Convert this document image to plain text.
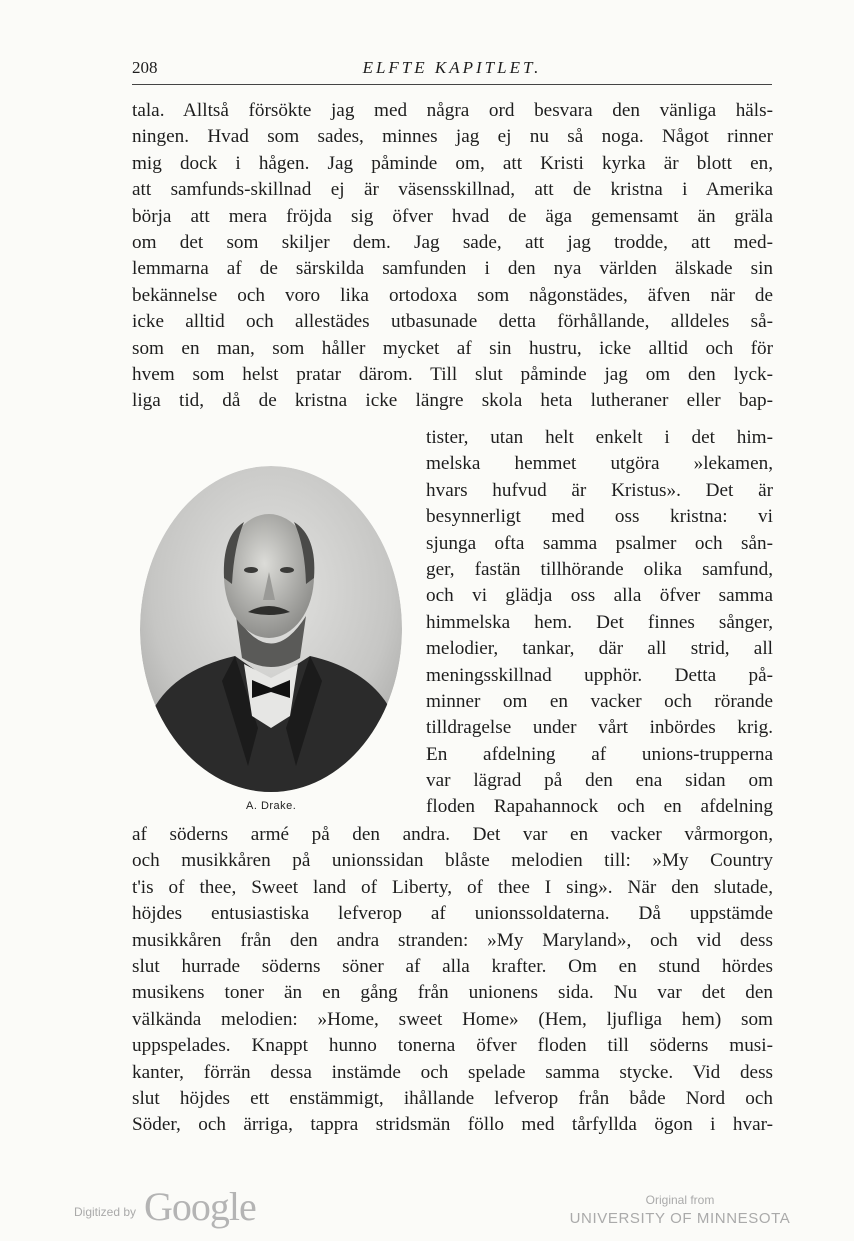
208	ELFTE KAPITLET.
tala. Alltså försökte jag med några ord besvara den vänliga häls-
ningen. Hvad som sades, minnes jag ej nu så noga. Något rinner
mig dock i hågen. Jag påminde om, att Kristi kyrka är blott en,
att samfunds-skillnad ej är väsensskillnad, att de kristna i Amerika
börja att mera fröjda sig öfver hvad de äga gemensamt än gräla
om det som skiljer dem. Jag sade, att jag trodde, att med-
lemmarna af de särskilda samfunden i den nya världen älskade sin
bekännelse och voro lika ortodoxa som någonstädes, äfven när de
icke alltid och allestädes utbasunade detta förhållande, alldeles så-
som en man, som håller mycket af sin hustru, icke alltid och för
hvem som helst pratar därom. Till slut påminde jag om den lyck-
liga tid, då de kristna icke längre skola heta lutheraner eller bap-
tister, utan helt enkelt i det him-
melska hemmet utgöra »lekamen,
hvars hufvud är Kristus». Det är
besynnerligt med oss kristna: vi
sjunga ofta samma psalmer och sån-
ger, fastän tillhörande olika samfund,
och vi glädja oss alla öfver samma
himmelska hem. Det finnes sånger,
melodier, tankar, där all strid, all
meningsskillnad upphör. Detta på-
minner om en vacker och rörande
tilldragelse under vårt inbördes krig.
En afdelning af unions-trupperna
var lägrad på den ena sidan om
floden Rapahannock och en afdelning
A. Drake.
af söderns armé på den andra. Det var en vacker vårmorgon,
och musikkåren på unionssidan blåste melodien till: »My Country
t'is of thee, Sweet land of Liberty, of thee I sing». När den slutade,
höjdes entusiastiska lefverop af unionssoldaterna. Då uppstämde
musikkåren från den andra stranden: »My Maryland», och vid dess
slut hurrade söderns söner af alla krafter. Om en stund hördes
musikens toner än en gång från unionens sida. Nu var det den
välkända melodien: »Home, sweet Home» (Hem, ljufliga hem) som
uppspelades. Knappt hunno tonerna öfver floden till söderns musi-
kanter, förrän dessa instämde och spelade samma stycke. Vid dess
slut höjdes ett enstämmigt, ihållande lefverop från både Nord och
Söder, och ärriga, tappra stridsmän föllo med tårfyllda ögon i hvar-
Digitized by Google	Original from
UNIVERSITY OF MINNESOTA
